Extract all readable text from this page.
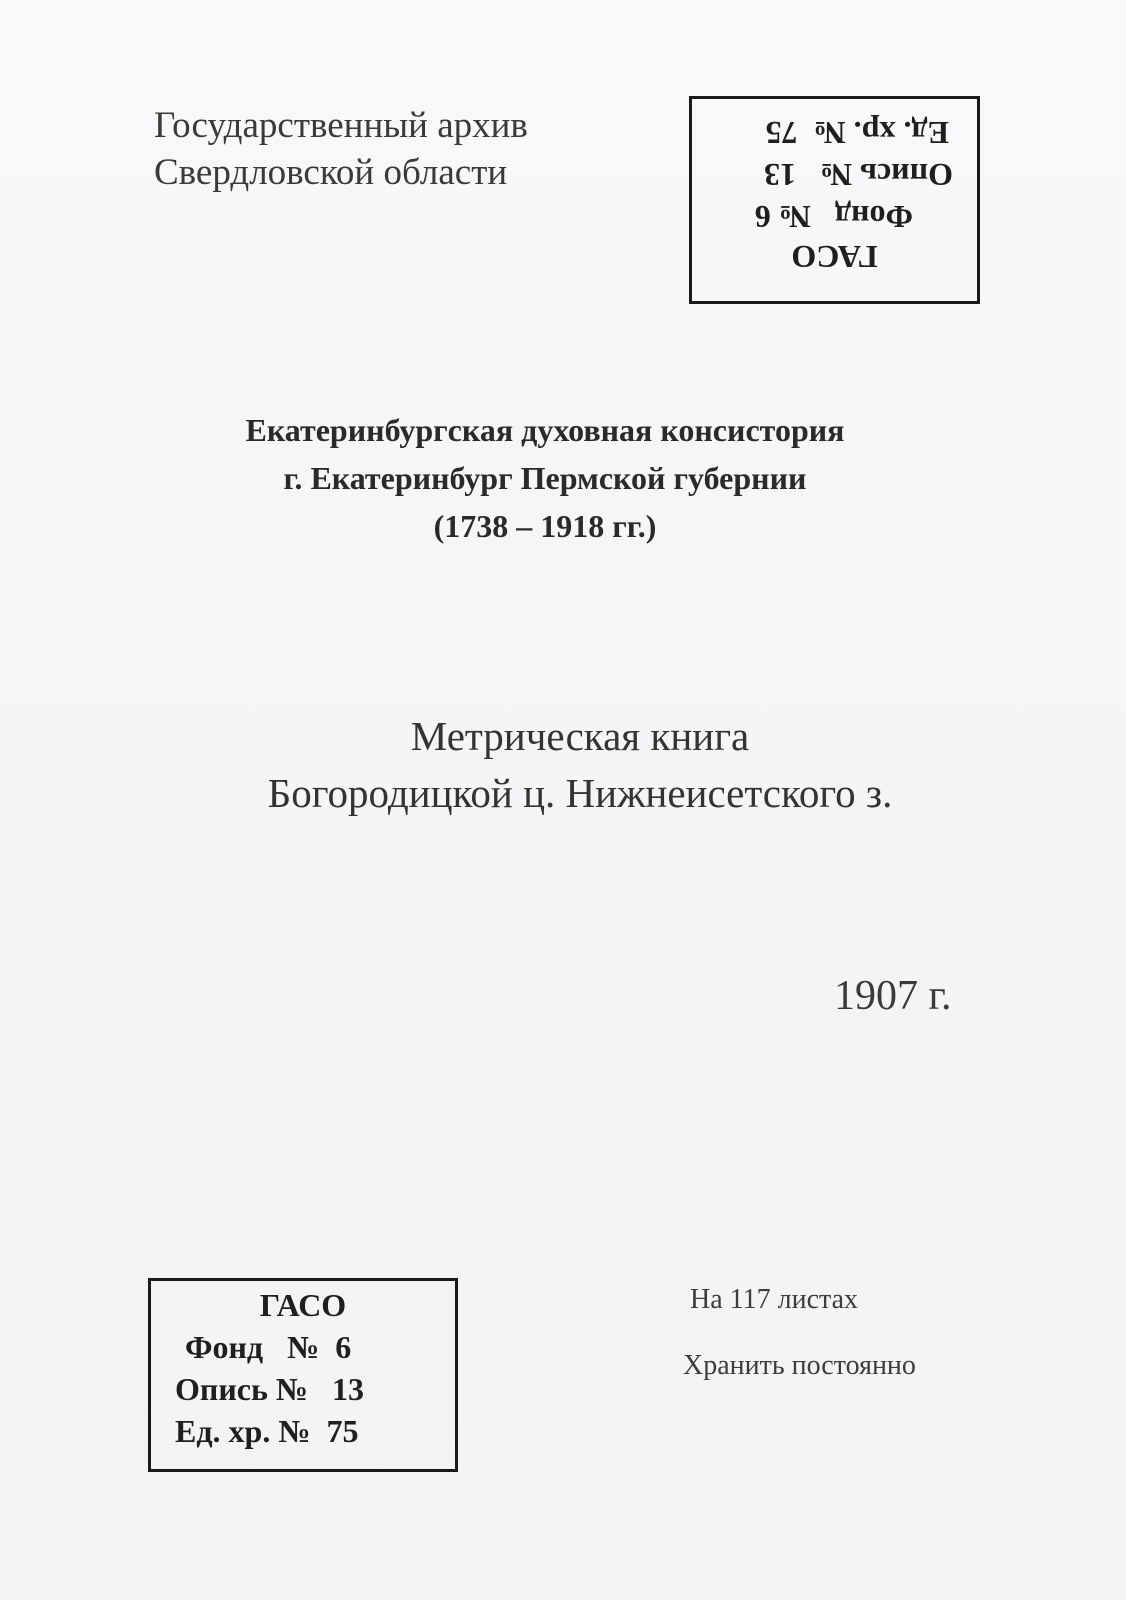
Государственный архив
Свердловской области
ГАСО
Фонд   № 6
Опись №   13
Ед. хр. №  75
Екатеринбургская духовная консистория
г. Екатеринбург Пермской губернии
(1738 – 1918 гг.)
Метрическая книга
Богородицкой ц. Нижнеисетского з.
1907 г.
ГАСО
Фонд   №  6
Опись №   13
Ед. хр. №  75
На 117 листах
Хранить постоянно
